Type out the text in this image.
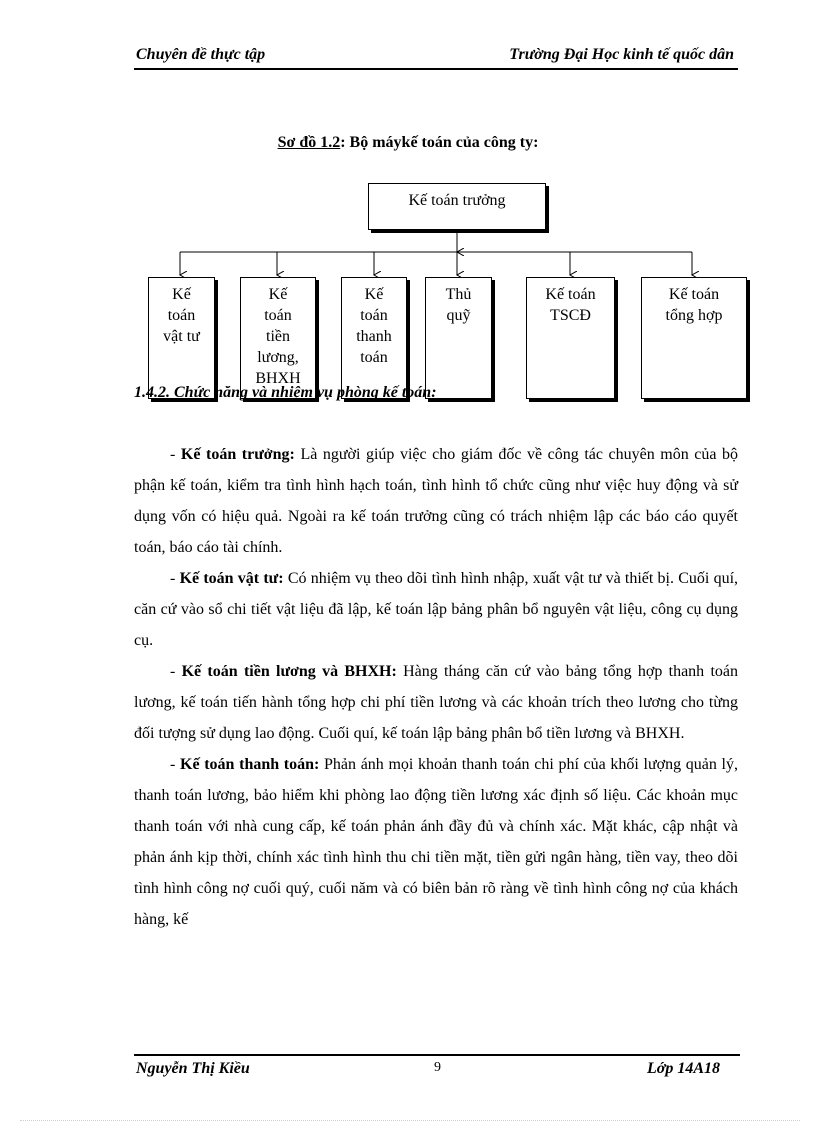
Chuyên đề thực tập	Trường Đại Học kinh tế quốc dân
Sơ đồ 1.2: Bộ máykế toán của công ty:
Kế toán trưởng
Kế
toán
vật tư
Kế
toán
tiền
lương,
BHXH
Kế
toán
thanh
toán
Thủ
quỹ
Kế toán
TSCĐ
Kế toán
tổng hợp
1.4.2. Chức năng và nhiệm vụ phòng kế toán:

- Kế toán trưởng: Là người giúp việc cho giám đốc về công tác chuyên môn của bộ phận kế toán, kiểm tra tình hình hạch toán, tình hình tổ chức cũng như việc huy động và sử dụng vốn có hiệu quả. Ngoài ra kế toán trưởng cũng có trách nhiệm lập các báo cáo quyết toán, báo cáo tài chính.

- Kế toán vật tư: Có nhiệm vụ theo dõi tình hình nhập, xuất vật tư và thiết bị. Cuối quí, căn cứ vào sổ chi tiết vật liệu đã lập, kế toán lập bảng phân bổ nguyên vật liệu, công cụ dụng cụ.

- Kế toán tiền lương và BHXH: Hàng tháng căn cứ vào bảng tổng hợp thanh toán lương, kế toán tiến hành tổng hợp chi phí tiền lương và các khoản trích theo lương cho từng đối tượng sử dụng lao động. Cuối quí, kế toán lập bảng phân bổ tiền lương và BHXH.

- Kế toán thanh toán: Phản ánh mọi khoản thanh toán chi phí của khối lượng quản lý, thanh toán lương, bảo hiểm khi phòng lao động tiền lương xác định số liệu. Các khoản mục thanh toán với nhà cung cấp, kế toán phản ánh đầy đủ và chính xác. Mặt khác, cập nhật và phản ánh kịp thời, chính xác tình hình thu chi tiền mặt, tiền gửi ngân hàng, tiền vay, theo dõi tình hình công nợ cuối quý, cuối năm và có biên bản rõ ràng về tình hình công nợ của khách hàng, kế

Nguyễn Thị Kiều	9	Lớp 14A18
